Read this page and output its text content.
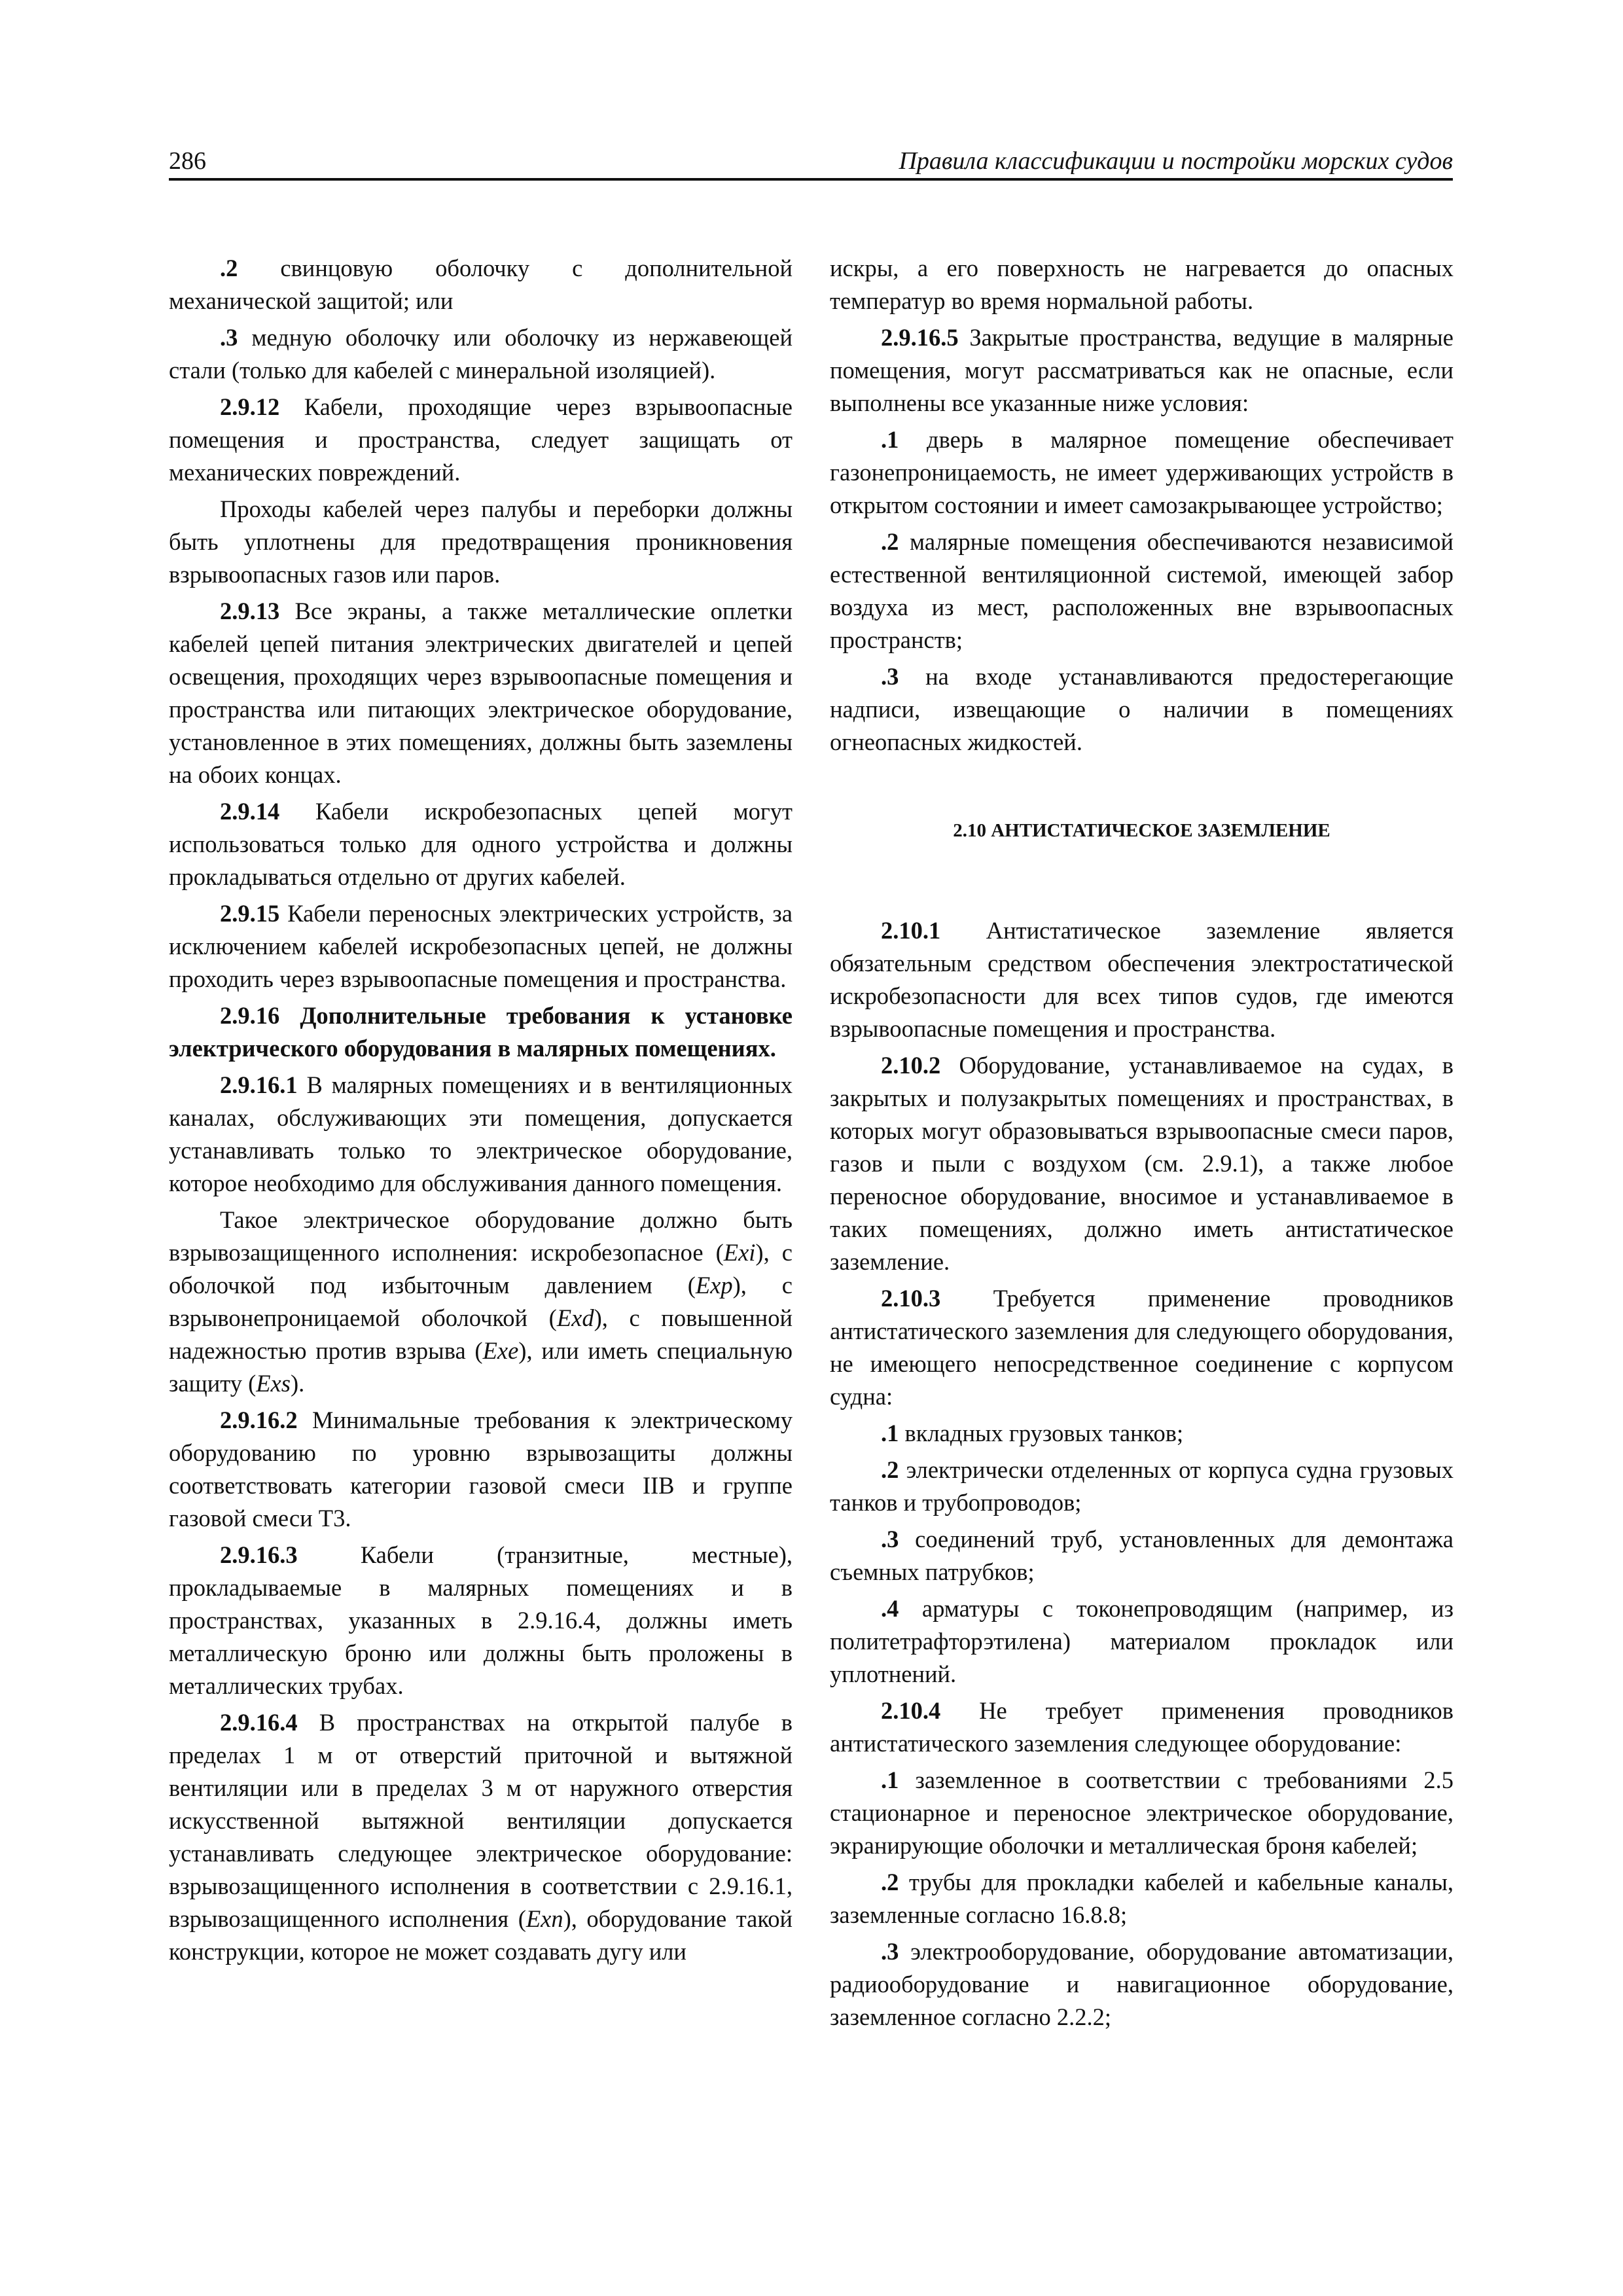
286	Правила классификации и постройки морских судов

.2 свинцовую оболочку с дополнительной механической защитой; или

.3 медную оболочку или оболочку из нержавеющей стали (только для кабелей с минеральной изоляцией).

2.9.12 Кабели, проходящие через взрывоопасные помещения и пространства, следует защищать от механических повреждений.

Проходы кабелей через палубы и переборки должны быть уплотнены для предотвращения проникновения взрывоопасных газов или паров.

2.9.13 Все экраны, а также металлические оплетки кабелей цепей питания электрических двигателей и цепей освещения, проходящих через взрывоопасные помещения и пространства или питающих электрическое оборудование, установленное в этих помещениях, должны быть заземлены на обоих концах.

2.9.14 Кабели искробезопасных цепей могут использоваться только для одного устройства и должны прокладываться отдельно от других кабелей.

2.9.15 Кабели переносных электрических устройств, за исключением кабелей искробезопасных цепей, не должны проходить через взрывоопасные помещения и пространства.

2.9.16 Дополнительные требования к установке электрического оборудования в малярных помещениях.

2.9.16.1 В малярных помещениях и в вентиляционных каналах, обслуживающих эти помещения, допускается устанавливать только то электрическое оборудование, которое необходимо для обслуживания данного помещения.

Такое электрическое оборудование должно быть взрывозащищенного исполнения: искробезопасное (Exi), с оболочкой под избыточным давлением (Exp), с взрывонепроницаемой оболочкой (Exd), с повышенной надежностью против взрыва (Exe), или иметь специальную защиту (Exs).

2.9.16.2 Минимальные требования к электрическому оборудованию по уровню взрывозащиты должны соответствовать категории газовой смеси IIВ и группе газовой смеси Т3.

2.9.16.3 Кабели (транзитные, местные), прокладываемые в малярных помещениях и в пространствах, указанных в 2.9.16.4, должны иметь металлическую броню или должны быть проложены в металлических трубах.

2.9.16.4 В пространствах на открытой палубе в пределах 1 м от отверстий приточной и вытяжной вентиляции или в пределах 3 м от наружного отверстия искусственной вытяжной вентиляции допускается устанавливать следующее электрическое оборудование: взрывозащищенного исполнения в соответствии с 2.9.16.1, взрывозащищенного исполнения (Exn), оборудование такой конструкции, которое не может создавать дугу или

искры, а его поверхность не нагревается до опасных температур во время нормальной работы.

2.9.16.5 Закрытые пространства, ведущие в малярные помещения, могут рассматриваться как не опасные, если выполнены все указанные ниже условия:

.1 дверь в малярное помещение обеспечивает газонепроницаемость, не имеет удерживающих устройств в открытом состоянии и имеет самозакрывающее устройство;

.2 малярные помещения обеспечиваются независимой естественной вентиляционной системой, имеющей забор воздуха из мест, расположенных вне взрывоопасных пространств;

.3 на входе устанавливаются предостерегающие надписи, извещающие о наличии в помещениях огнеопасных жидкостей.

2.10 АНТИСТАТИЧЕСКОЕ ЗАЗЕМЛЕНИЕ

2.10.1 Антистатическое заземление является обязательным средством обеспечения электростатической искробезопасности для всех типов судов, где имеются взрывоопасные помещения и пространства.

2.10.2 Оборудование, устанавливаемое на судах, в закрытых и полузакрытых помещениях и пространствах, в которых могут образовываться взрывоопасные смеси паров, газов и пыли с воздухом (см. 2.9.1), а также любое переносное оборудование, вносимое и устанавливаемое в таких помещениях, должно иметь антистатическое заземление.

2.10.3 Требуется применение проводников антистатического заземления для следующего оборудования, не имеющего непосредственное соединение с корпусом судна:

.1 вкладных грузовых танков;

.2 электрически отделенных от корпуса судна грузовых танков и трубопроводов;

.3 соединений труб, установленных для демонтажа съемных патрубков;

.4 арматуры с токонепроводящим (например, из политетрафторэтилена) материалом прокладок или уплотнений.

2.10.4 Не требует применения проводников антистатического заземления следующее оборудование:

.1 заземленное в соответствии с требованиями 2.5 стационарное и переносное электрическое оборудование, экранирующие оболочки и металлическая броня кабелей;

.2 трубы для прокладки кабелей и кабельные каналы, заземленные согласно 16.8.8;

.3 электрооборудование, оборудование автоматизации, радиооборудование и навигационное оборудование, заземленное согласно 2.2.2;
